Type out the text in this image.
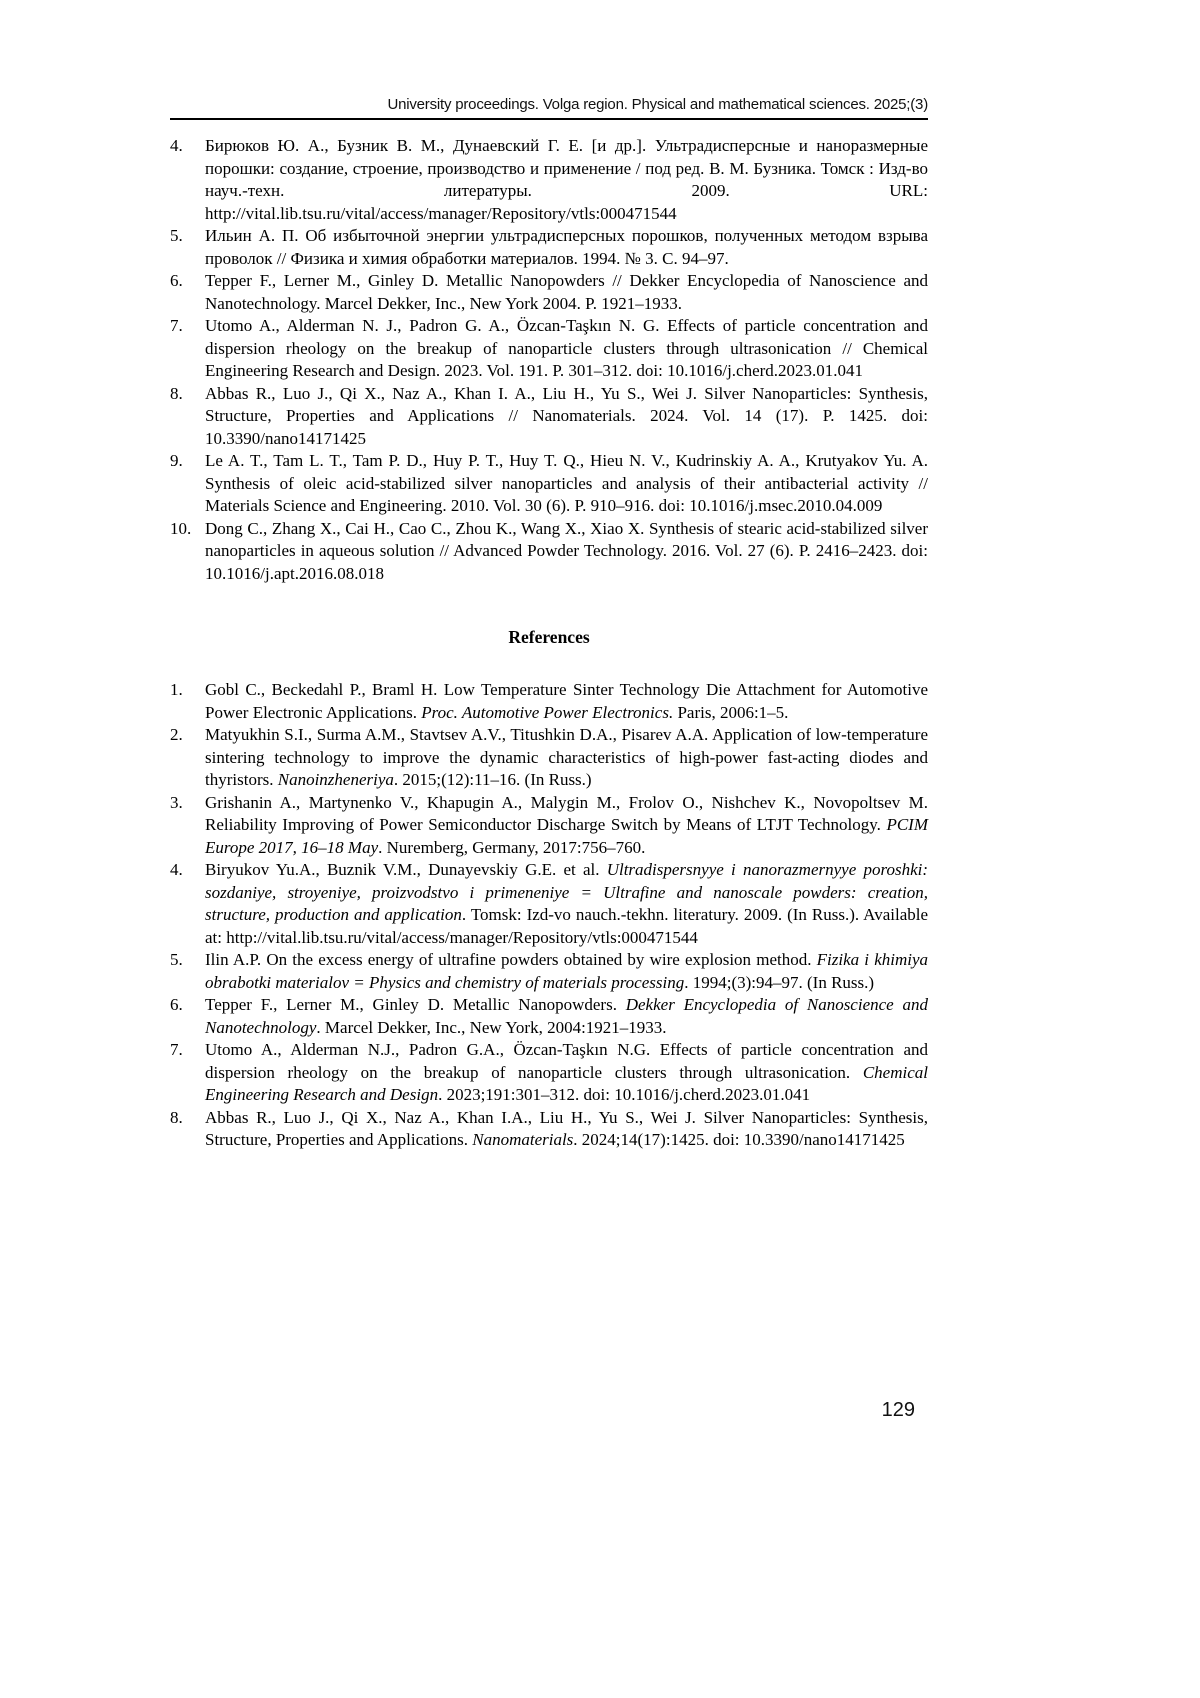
University proceedings. Volga region. Physical and mathematical sciences. 2025;(3)
4.	Бирюков Ю. А., Бузник В. М., Дунаевский Г. Е. [и др.]. Ультрадисперсные и наноразмерные порошки: создание, строение, производство и применение / под ред. В. М. Бузника. Томск : Изд-во науч.-техн. литературы. 2009. URL: http://vital.lib.tsu.ru/vital/access/manager/Repository/vtls:000471544
5.	Ильин А. П. Об избыточной энергии ультрадисперсных порошков, полученных методом взрыва проволок // Физика и химия обработки материалов. 1994. № 3. С. 94–97.
6.	Tepper F., Lerner M., Ginley D. Metallic Nanopowders // Dekker Encyclopedia of Nanoscience and Nanotechnology. Marcel Dekker, Inc., New York 2004. P. 1921–1933.
7.	Utomo A., Alderman N. J., Padron G. A., Özcan-Taşkın N. G. Effects of particle concentration and dispersion rheology on the breakup of nanoparticle clusters through ultrasonication // Chemical Engineering Research and Design. 2023. Vol. 191. P. 301–312. doi: 10.1016/j.cherd.2023.01.041
8.	Abbas R., Luo J., Qi X., Naz A., Khan I. A., Liu H., Yu S., Wei J. Silver Nanoparticles: Synthesis, Structure, Properties and Applications // Nanomaterials. 2024. Vol. 14 (17). P. 1425. doi: 10.3390/nano14171425
9.	Le A. T., Tam L. T., Tam P. D., Huy P. T., Huy T. Q., Hieu N. V., Kudrinskiy A. A., Krutyakov Yu. A. Synthesis of oleic acid-stabilized silver nanoparticles and analysis of their antibacterial activity // Materials Science and Engineering. 2010. Vol. 30 (6). P. 910–916. doi: 10.1016/j.msec.2010.04.009
10. Dong C., Zhang X., Cai H., Cao C., Zhou K., Wang X., Xiao X. Synthesis of stearic acid-stabilized silver nanoparticles in aqueous solution // Advanced Powder Technology. 2016. Vol. 27 (6). P. 2416–2423. doi: 10.1016/j.apt.2016.08.018
References
1.	Gobl C., Beckedahl P., Braml H. Low Temperature Sinter Technology Die Attachment for Automotive Power Electronic Applications. Proc. Automotive Power Electronics. Paris, 2006:1–5.
2.	Matyukhin S.I., Surma A.M., Stavtsev A.V., Titushkin D.A., Pisarev A.A. Application of low-temperature sintering technology to improve the dynamic characteristics of high-power fast-acting diodes and thyristors. Nanoinzheneriya. 2015;(12):11–16. (In Russ.)
3.	Grishanin A., Martynenko V., Khapugin A., Malygin M., Frolov O., Nishchev K., Novopoltsev M. Reliability Improving of Power Semiconductor Discharge Switch by Means of LTJT Technology. PCIM Europe 2017, 16–18 May. Nuremberg, Germany, 2017:756–760.
4.	Biryukov Yu.A., Buznik V.M., Dunayevskiy G.E. et al. Ultradispersnyye i nanorazmernyye poroshki: sozdaniye, stroyeniye, proizvodstvo i primeneniye = Ultrafine and nanoscale powders: creation, structure, production and application. Tomsk: Izd-vo nauch.-tekhn. literatury. 2009. (In Russ.). Available at: http://vital.lib.tsu.ru/vital/access/manager/Repository/vtls:000471544
5.	Ilin A.P. On the excess energy of ultrafine powders obtained by wire explosion method. Fizika i khimiya obrabotki materialov = Physics and chemistry of materials processing. 1994;(3):94–97. (In Russ.)
6.	Tepper F., Lerner M., Ginley D. Metallic Nanopowders. Dekker Encyclopedia of Nanoscience and Nanotechnology. Marcel Dekker, Inc., New York, 2004:1921–1933.
7.	Utomo A., Alderman N.J., Padron G.A., Özcan-Taşkın N.G. Effects of particle concentration and dispersion rheology on the breakup of nanoparticle clusters through ultrasonication. Chemical Engineering Research and Design. 2023;191:301–312. doi: 10.1016/j.cherd.2023.01.041
8.	Abbas R., Luo J., Qi X., Naz A., Khan I.A., Liu H., Yu S., Wei J. Silver Nanoparticles: Synthesis, Structure, Properties and Applications. Nanomaterials. 2024;14(17):1425. doi: 10.3390/nano14171425
129
